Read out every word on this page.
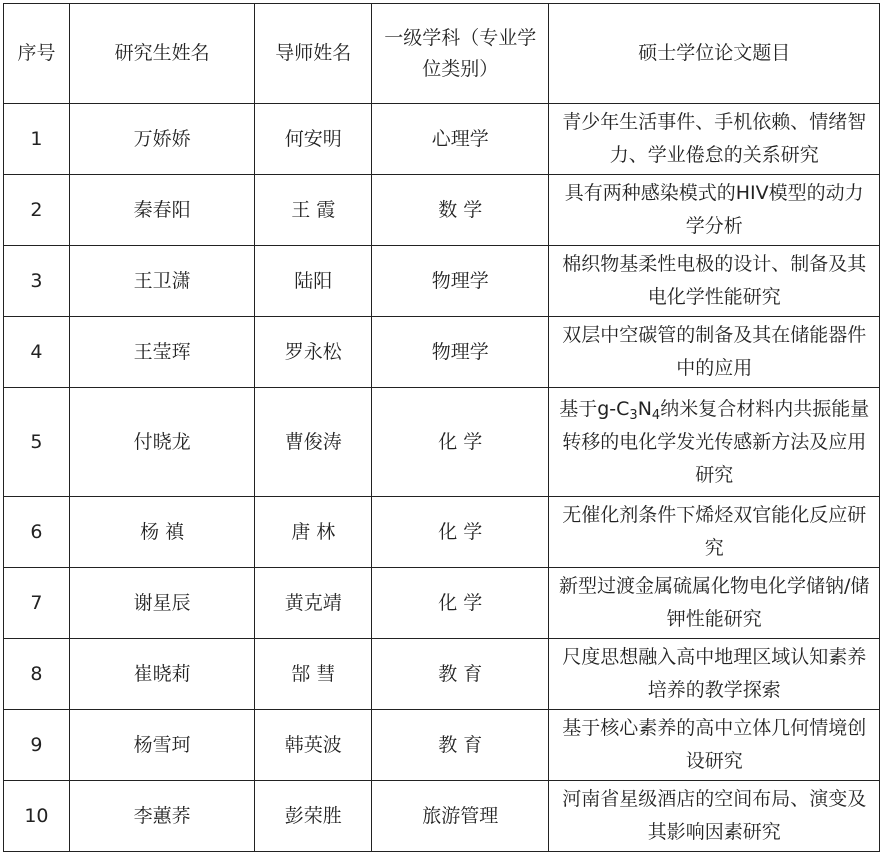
序号	研究生姓名	导师姓名	一级学科（专业学位类别）	硕士学位论文题目
1	万娇娇	何安明	心理学	青少年生活事件、手机依赖、情绪智力、学业倦怠的关系研究
2	秦春阳	王 霞	数 学	具有两种感染模式的HIV模型的动力学分析
3	王卫潇	陆阳	物理学	棉织物基柔性电极的设计、制备及其电化学性能研究
4	王莹珲	罗永松	物理学	双层中空碳管的制备及其在储能器件中的应用
5	付晓龙	曹俊涛	化 学	基于$g-C_3N_4$纳米复合材料内共振能量转移的电化学发光传感新方法及应用研究
6	杨 禛	唐 林	化 学	无催化剂条件下烯烃双官能化反应研究
7	谢星辰	黄克靖	化 学	新型过渡金属硫属化物电化学储钠/储钾性能研究
8	崔晓莉	郜 彗	教 育	尺度思想融入高中地理区域认知素养培养的教学探索
9	杨雪珂	韩英波	教 育	基于核心素养的高中立体几何情境创设研究
10	李蕙荞	彭荣胜	旅游管理	河南省星级酒店的空间布局、演变及其影响因素研究
